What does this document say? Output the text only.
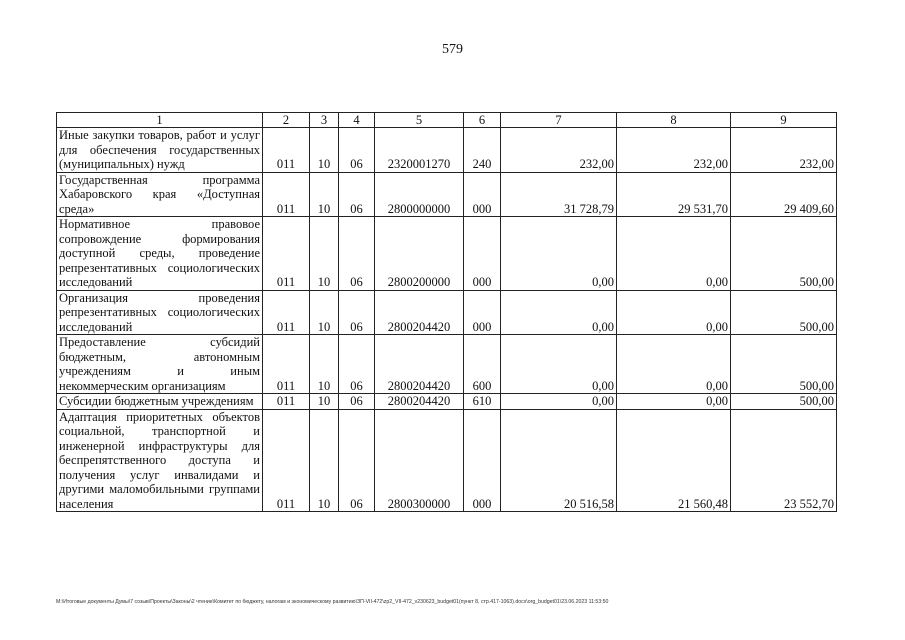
579
1	2	3	4	5	6	7	8	9
Иные закупки товаров, работ и услуг для обеспечения государственных (муниципальных) нужд	011	10	06	2320001270	240	232,00	232,00	232,00
Государственная программа Хабаровского края «Доступная среда»	011	10	06	2800000000	000	31 728,79	29 531,70	29 409,60
Нормативное правовое сопровождение формирования доступной среды, проведение репрезентативных социологических исследований	011	10	06	2800200000	000	0,00	0,00	500,00
Организация проведения репрезентативных социологических исследований	011	10	06	2800204420	000	0,00	0,00	500,00
Предоставление субсидий бюджетным, автономным учреждениям и иным некоммерческим организациям	011	10	06	2800204420	600	0,00	0,00	500,00
Субсидии бюджетным учреждениям	011	10	06	2800204420	610	0,00	0,00	500,00
Адаптация приоритетных объектов социальной, транспортной и инженерной инфраструктуры для беспрепятственного доступа и получения услуг инвалидами и другими маломобильными группами населения	011	10	06	2800300000	000	20 516,58	21 560,48	23 552,70
M:\Итоговые документы Думы\7 созыв\Проекты\Законы\2 чтение\Комитет по бюджету, налогам и экономическому развитию\ЗП-VII-472\zp2_VII-472_v230623_budget01(пункт 8, стр.417-1063).docx\org_budget01\23.06.2023 11:53:50
